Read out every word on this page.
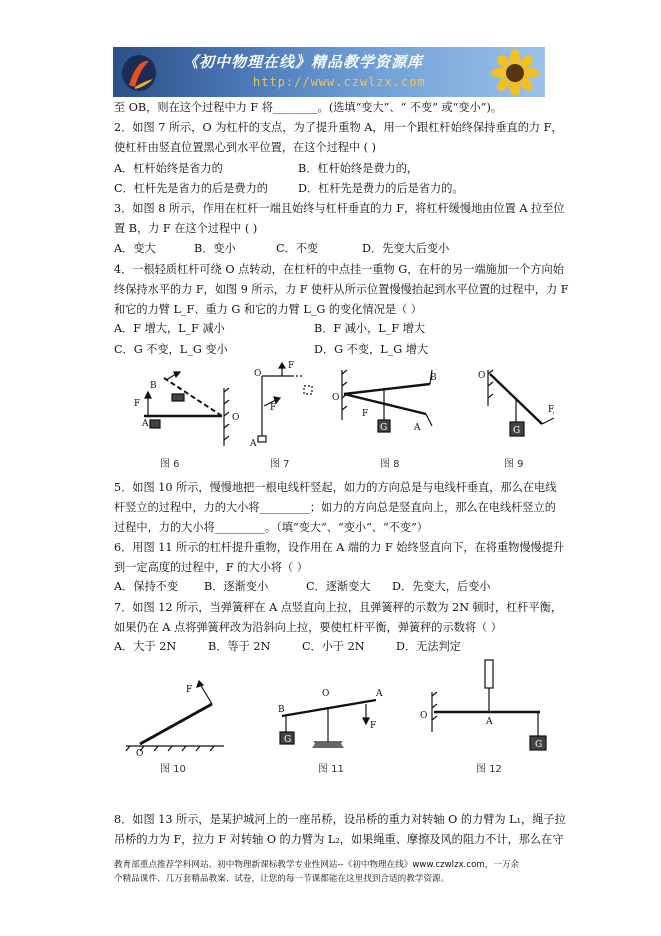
《初中物理在线》精品教学资源库
http://www.czwlzx.com
至 OB，则在这个过程中力 F 将________。(选填“变大”、“ 不变” 或“变小”)。
2．如图 7 所示，O 为杠杆的支点，为了提升重物 A，用一个跟杠杆始终保持垂直的力 F，
使杠杆由竖直位置黑心到水平位置，在这个过程中 ( )
A．杠杆始终是省力的	B．杠杆始终是费力的，
C．杠杆先是省力的后是费力的	D．杠杆先是费力的后是省力的。
3．如图 8 所示，作用在杠杆一端且始终与杠杆垂直的力 F，将杠杆缓慢地由位置 A 拉至位
置 B，力 F 在这个过程中 ( )
A．变大	B．变小	C．不变	D．先变大后变小
4．一根轻质杠杆可绕 O 点转动，在杠杆的中点挂一重物 G，在杆的另一端施加一个方向始
终保持水平的力 F，如图 9 所示，力 F 使杆从所示位置慢慢抬起到水平位置的过程中，力 F
和它的力臂 L_F、重力 G 和它的力臂 L_G 的变化情况是（ ）
A．F 增大，L_F 减小	B．F 减小，L_F 增大
C．G 不变，L_G 变小	D．G 不变，L_G 增大
B
F
A
O
O
F
A
F
O
B
F
A
G
O
F
G
图 6	图 7	图 8	图 9
5．如图 10 所示，慢慢地把一根电线杆竖起，如力的方向总是与电线杆垂直，那么在电线
杆竖立的过程中，力的大小将_________；如力的方向总是竖直向上，那么在电线杆竖立的
过程中，力的大小将_________。（填“变大”、“变小”、“不变”）
6．用图 11 所示的杠杆提升重物，设作用在 A 端的力 F 始终竖直向下，在将重物慢慢提升
到一定高度的过程中，F 的大小将（ ）
A．保持不变 B．逐渐变小	C．逐渐变大 D．先变大，后变小
7．如图 12 所示，当弹簧秤在 A 点竖直向上拉，且弹簧秤的示数为 2N 顿时，杠杆平衡，
如果仍在 A 点将弹簧秤改为沿斜向上拉，要使杠杆平衡，弹簧秤的示数将（ ）
A．大于 2N	B．等于 2N	C．小于 2N	D．无法判定
F
O
O
B
A
F
G
O
A
G
图 10	图 11	图 12
8．如图 13 所示，是某护城河上的一座吊桥，设吊桥的重力对转轴 O 的力臂为 L₁，绳子拉
吊桥的力为 F，拉力 F 对转轴 O 的力臂为 L₂，如果绳重、摩擦及风的阻力不计，那么在守
教育部重点推荐学科网站、初中物理新课标教学专业性网站--《初中物理在线》www.czwlzx.com，一万余
个精品课件、几万套精品教案、试卷，让您的每一节课都能在这里找到合适的教学资源。
